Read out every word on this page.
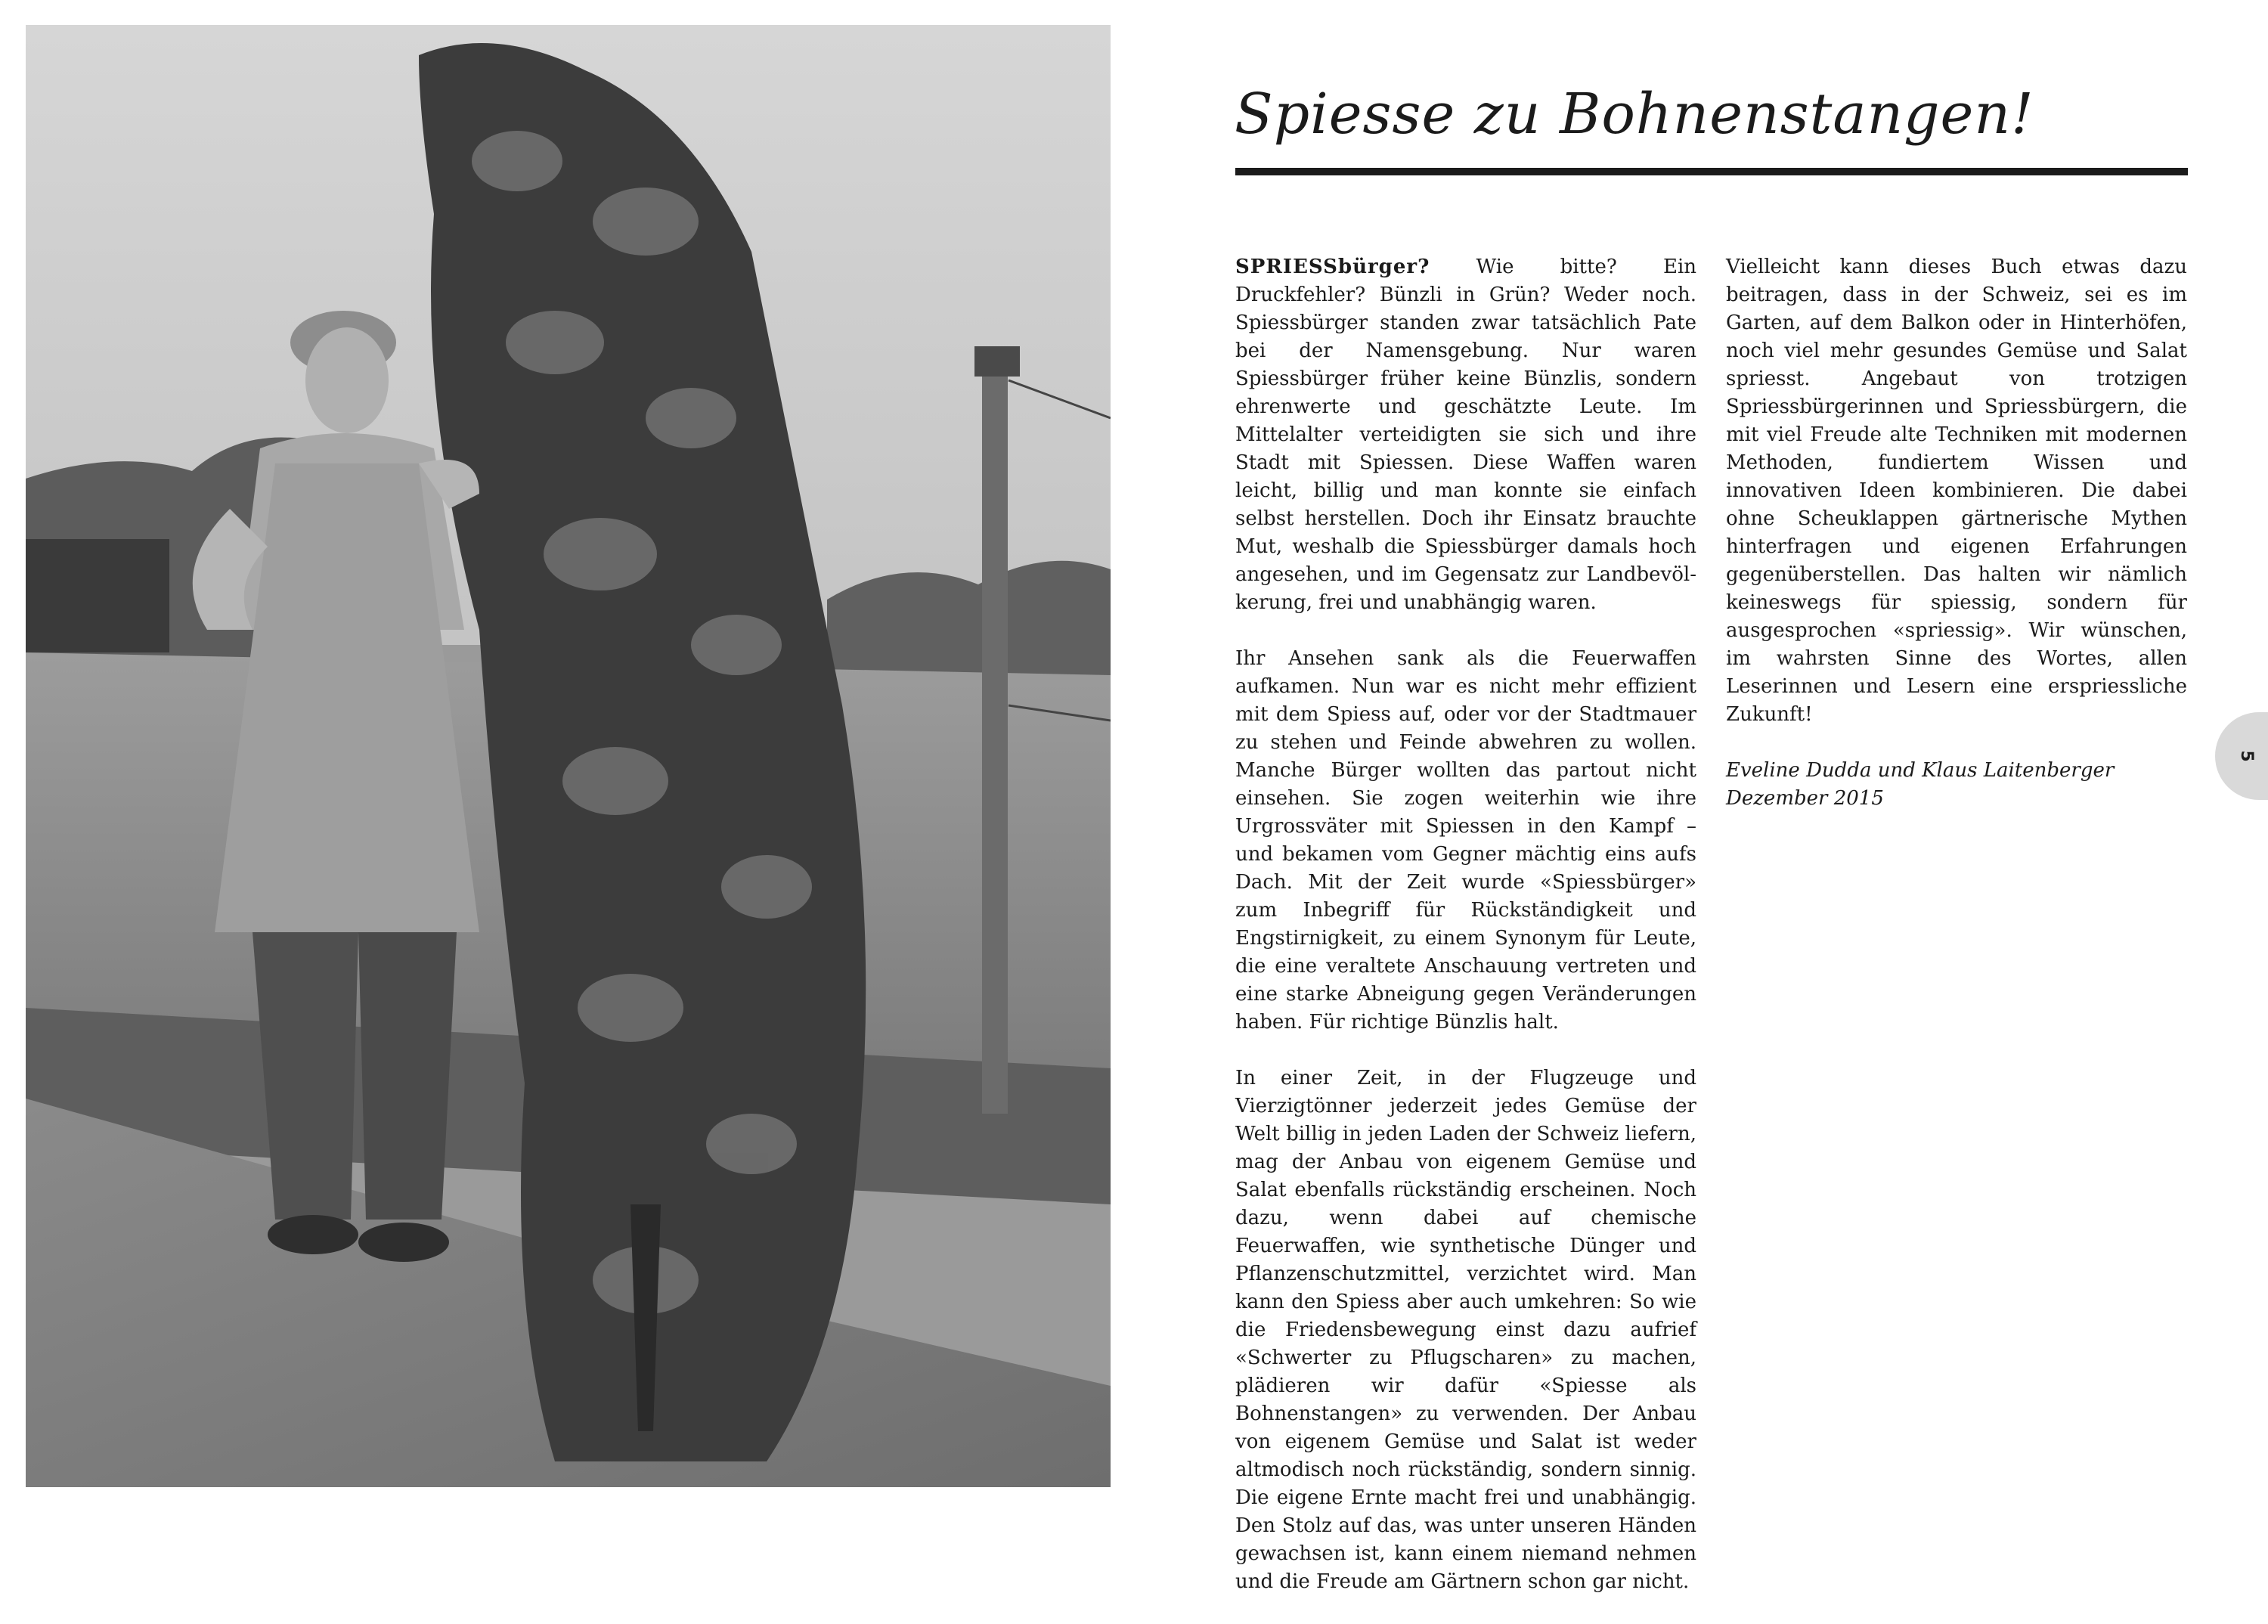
Spiesse zu Bohnenstangen!

SPRIESSbürger? Wie bitte? Ein Druckfehler? Bünzli in Grün? Weder noch. Spiessbürger standen zwar tatsächlich Pate bei der Namensgebung. Nur waren Spiessbürger früher keine Bünzlis, sondern ehrenwerte und geschätzte Leute. Im Mittelalter verteidigten sie sich und ihre Stadt mit Spiessen. Diese Waffen waren leicht, billig und man konnte sie einfach selbst herstellen. Doch ihr Einsatz brauchte Mut, weshalb die Spiessbürger damals hoch angesehen, und im Gegensatz zur Landbevölkerung, frei und unabhängig waren.

Ihr Ansehen sank als die Feuerwaffen aufkamen. Nun war es nicht mehr effizient mit dem Spiess auf, oder vor der Stadtmauer zu stehen und Feinde abwehren zu wollen. Manche Bürger wollten das partout nicht einsehen. Sie zogen weiterhin wie ihre Urgrossväter mit Spiessen in den Kampf – und bekamen vom Gegner mächtig eins aufs Dach. Mit der Zeit wurde «Spiessbürger» zum Inbegriff für Rückständigkeit und Engstirnigkeit, zu einem Synonym für Leute, die eine veraltete Anschauung vertreten und eine starke Abneigung gegen Veränderungen haben. Für richtige Bünzlis halt.

In einer Zeit, in der Flugzeuge und Vierzigtönner jederzeit jedes Gemüse der Welt billig in jeden Laden der Schweiz liefern, mag der Anbau von eigenem Gemüse und Salat ebenfalls rückständig erscheinen. Noch dazu, wenn dabei auf chemische Feuerwaffen, wie synthetische Dünger und Pflanzenschutzmittel, verzichtet wird. Man kann den Spiess aber auch umkehren: So wie die Friedensbewegung einst dazu aufrief «Schwerter zu Pflugscharen» zu machen, plädieren wir dafür «Spiesse als Bohnenstangen» zu verwenden. Der Anbau von eigenem Gemüse und Salat ist weder altmodisch noch rückständig, sondern sinnig. Die eigene Ernte macht frei und unabhängig. Den Stolz auf das, was unter unseren Händen gewachsen ist, kann einem niemand nehmen und die Freude am Gärtnern schon gar nicht.

Vielleicht kann dieses Buch etwas dazu beitragen, dass in der Schweiz, sei es im Garten, auf dem Balkon oder in Hinterhöfen, noch viel mehr gesundes Gemüse und Salat spriesst. Angebaut von trotzigen Spriessbürgerinnen und Spriessbürgern, die mit viel Freude alte Techniken mit modernen Methoden, fundiertem Wissen und innovativen Ideen kombinieren. Die dabei ohne Scheuklappen gärtnerische Mythen hinterfragen und eigenen Erfahrungen gegenüberstellen. Das halten wir nämlich keineswegs für spiessig, sondern für ausgesprochen «spriessig». Wir wünschen, im wahrsten Sinne des Wortes, allen Leserinnen und Lesern eine erspriessliche Zukunft!

Eveline Dudda und Klaus Laitenberger
Dezember 2015
5
